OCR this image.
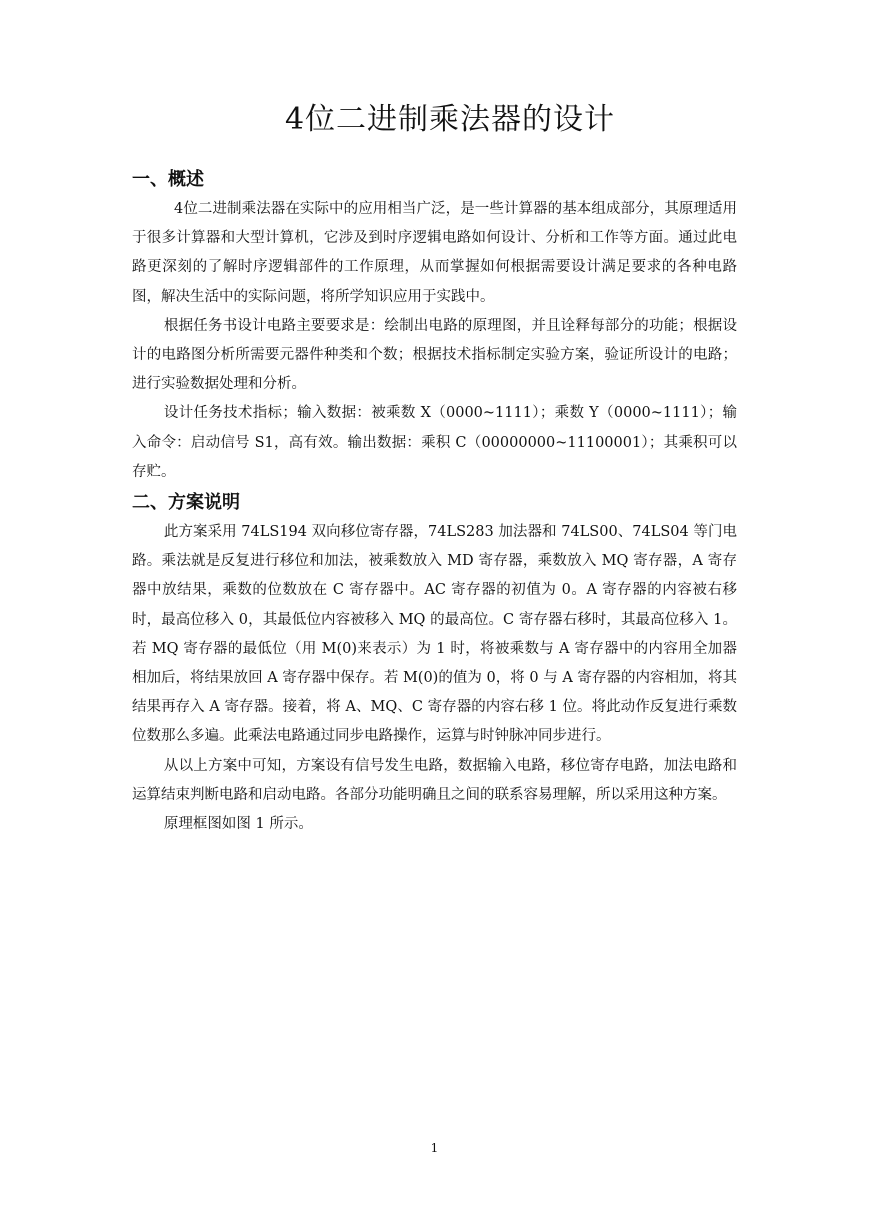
4位二进制乘法器的设计
一、概述

4位二进制乘法器在实际中的应用相当广泛，是一些计算器的基本组成部分，其原理适用于很多计算器和大型计算机，它涉及到时序逻辑电路如何设计、分析和工作等方面。通过此电路更深刻的了解时序逻辑部件的工作原理，从而掌握如何根据需要设计满足要求的各种电路图，解决生活中的实际问题，将所学知识应用于实践中。

根据任务书设计电路主要要求是：绘制出电路的原理图，并且诠释每部分的功能；根据设计的电路图分析所需要元器件种类和个数；根据技术指标制定实验方案，验证所设计的电路；进行实验数据处理和分析。

设计任务技术指标；输入数据：被乘数 X（0000~1111）；乘数 Y（0000~1111）；输入命令：启动信号 S1，高有效。输出数据：乘积 C（00000000~11100001）；其乘积可以存贮。

二、方案说明

此方案采用 74LS194 双向移位寄存器，74LS283 加法器和 74LS00、74LS04 等门电路。乘法就是反复进行移位和加法，被乘数放入 MD 寄存器，乘数放入 MQ 寄存器，A 寄存器中放结果，乘数的位数放在 C 寄存器中。AC 寄存器的初值为 0。A 寄存器的内容被右移时，最高位移入 0，其最低位内容被移入 MQ 的最高位。C 寄存器右移时，其最高位移入 1。若 MQ 寄存器的最低位（用 M(0)来表示）为 1 时，将被乘数与 A 寄存器中的内容用全加器相加后，将结果放回 A 寄存器中保存。若 M(0)的值为 0，将 0 与 A 寄存器的内容相加，将其结果再存入 A 寄存器。接着，将 A、MQ、C 寄存器的内容右移 1 位。将此动作反复进行乘数位数那么多遍。此乘法电路通过同步电路操作，运算与时钟脉冲同步进行。

从以上方案中可知，方案设有信号发生电路，数据输入电路，移位寄存电路，加法电路和运算结束判断电路和启动电路。各部分功能明确且之间的联系容易理解，所以采用这种方案。

原理框图如图 1 所示。

1
